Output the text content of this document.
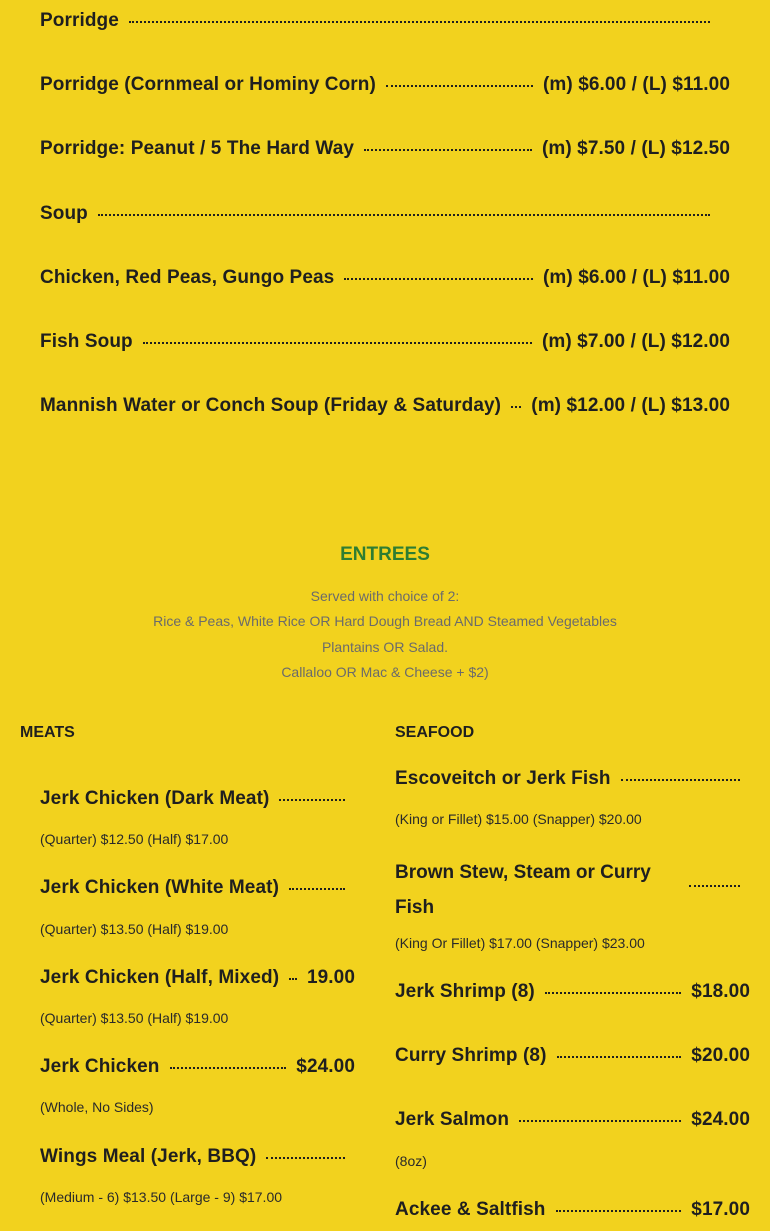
Porridge
Porridge (Cornmeal or Hominy Corn)	(m) $6.00 / (L) $11.00
Porridge: Peanut / 5 The Hard Way	(m) $7.50 / (L) $12.50
Soup
Chicken, Red Peas, Gungo Peas	(m) $6.00 / (L) $11.00
Fish Soup	(m) $7.00 / (L) $12.00
Mannish Water or Conch Soup (Friday & Saturday) (m) $12.00 / (L) $13.00
ENTREES
Served with choice of 2:
Rice & Peas, White Rice OR Hard Dough Bread AND Steamed Vegetables
Plantains OR Salad.
Callaloo OR Mac & Cheese + $2)
MEATS
Jerk Chicken (Dark Meat)
(Quarter) $12.50 (Half) $17.00
Jerk Chicken (White Meat)
(Quarter) $13.50 (Half) $19.00
Jerk Chicken (Half, Mixed) 19.00
(Quarter) $13.50 (Half) $19.00
Jerk Chicken	$24.00
(Whole, No Sides)
Wings Meal (Jerk, BBQ)
(Medium - 6) $13.50 (Large - 9) $17.00
SEAFOOD
Escoveitch or Jerk Fish
(King or Fillet) $15.00 (Snapper) $20.00
Brown Stew, Steam or Curry
Fish
(King Or Fillet) $17.00 (Snapper) $23.00
Jerk Shrimp (8)	$18.00
Curry Shrimp (8)	$20.00
Jerk Salmon	$24.00
(8oz)
Ackee & Saltfish	$17.00
